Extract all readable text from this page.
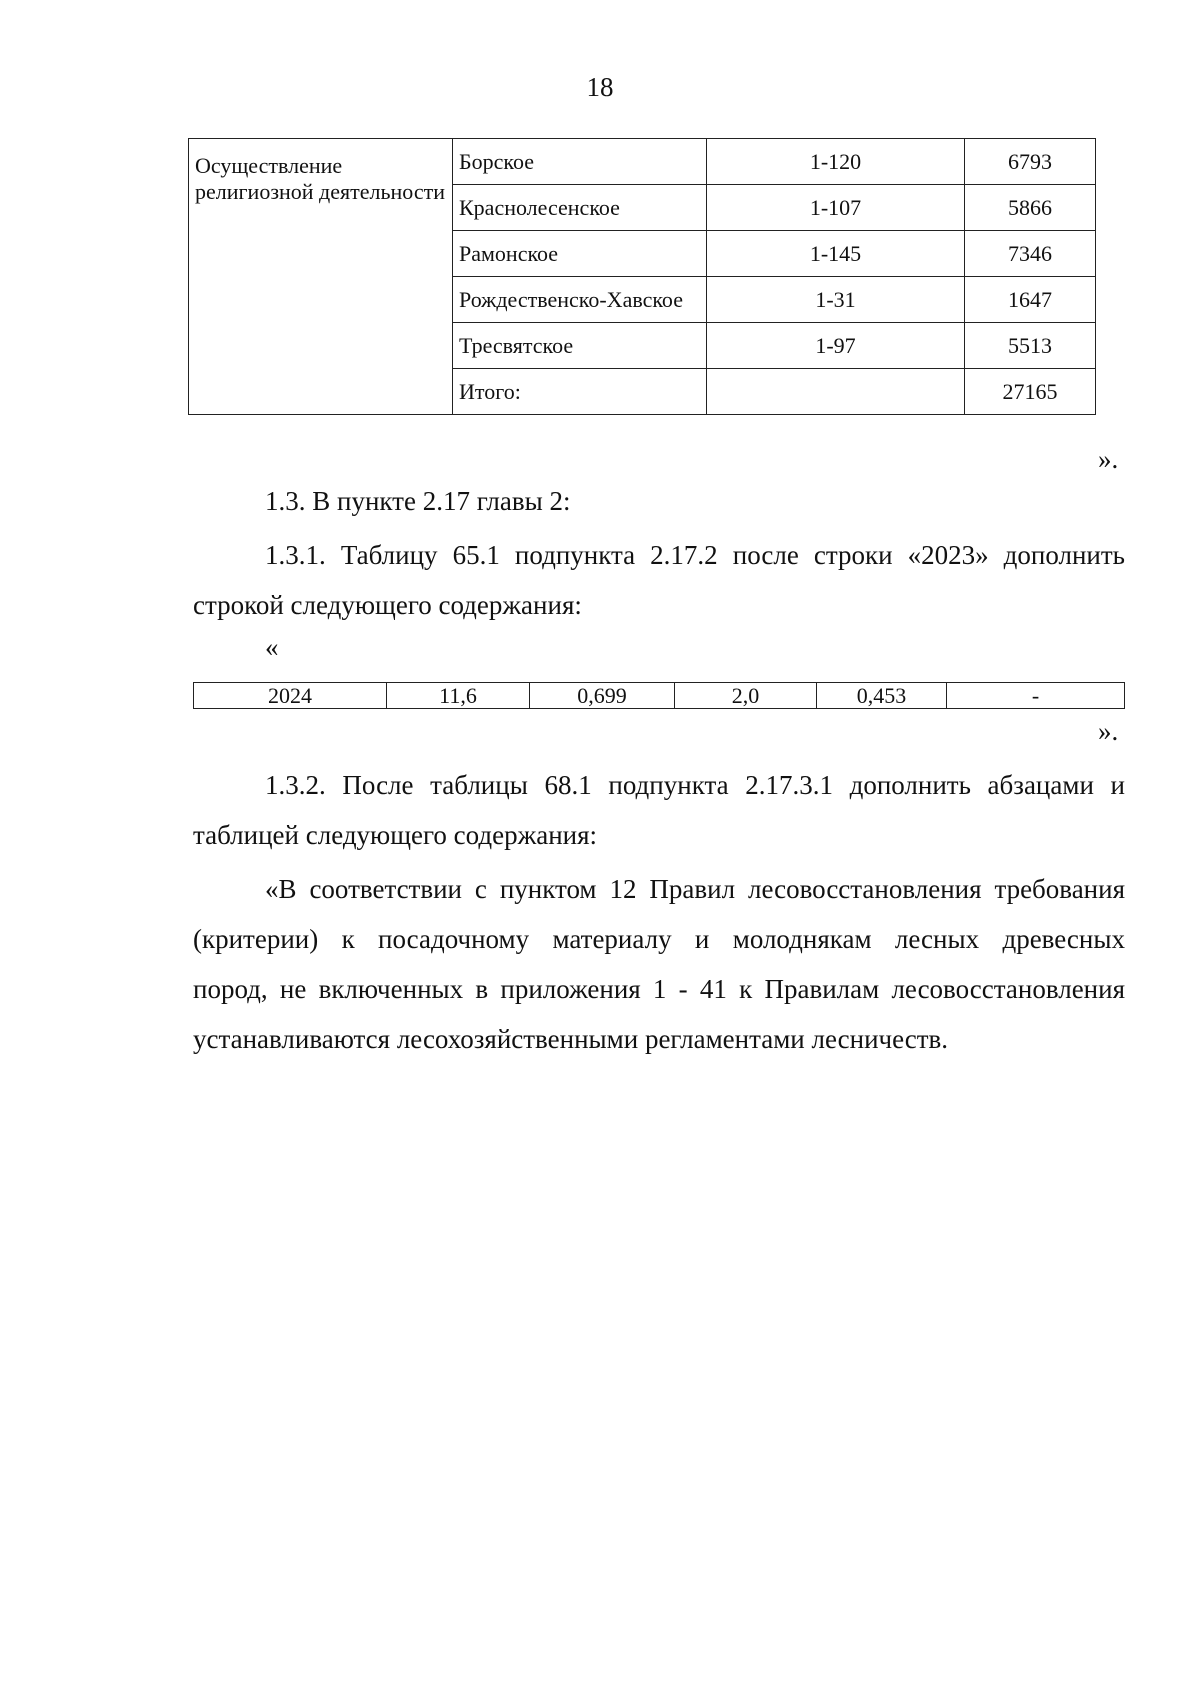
18
Осуществление религиозной деятельности	Борское	1-120	6793
	Краснолесенское	1-107	5866
	Рамонское	1-145	7346
	Рождественско-Хавское	1-31	1647
	Тресвятское	1-97	5513
	Итого:		27165
».
1.3. В пункте 2.17 главы 2:
1.3.1. Таблицу 65.1 подпункта 2.17.2 после строки «2023» дополнить
строкой следующего содержания:
«
2024	11,6	0,699	2,0	0,453	-
».
1.3.2. После таблицы 68.1 подпункта 2.17.3.1 дополнить абзацами и
таблицей следующего содержания:
«В соответствии с пунктом 12 Правил лесовосстановления требования
(критерии) к посадочному материалу и молоднякам лесных древесных
пород, не включенных в приложения 1 - 41 к Правилам лесовосстановления
устанавливаются лесохозяйственными регламентами лесничеств.
